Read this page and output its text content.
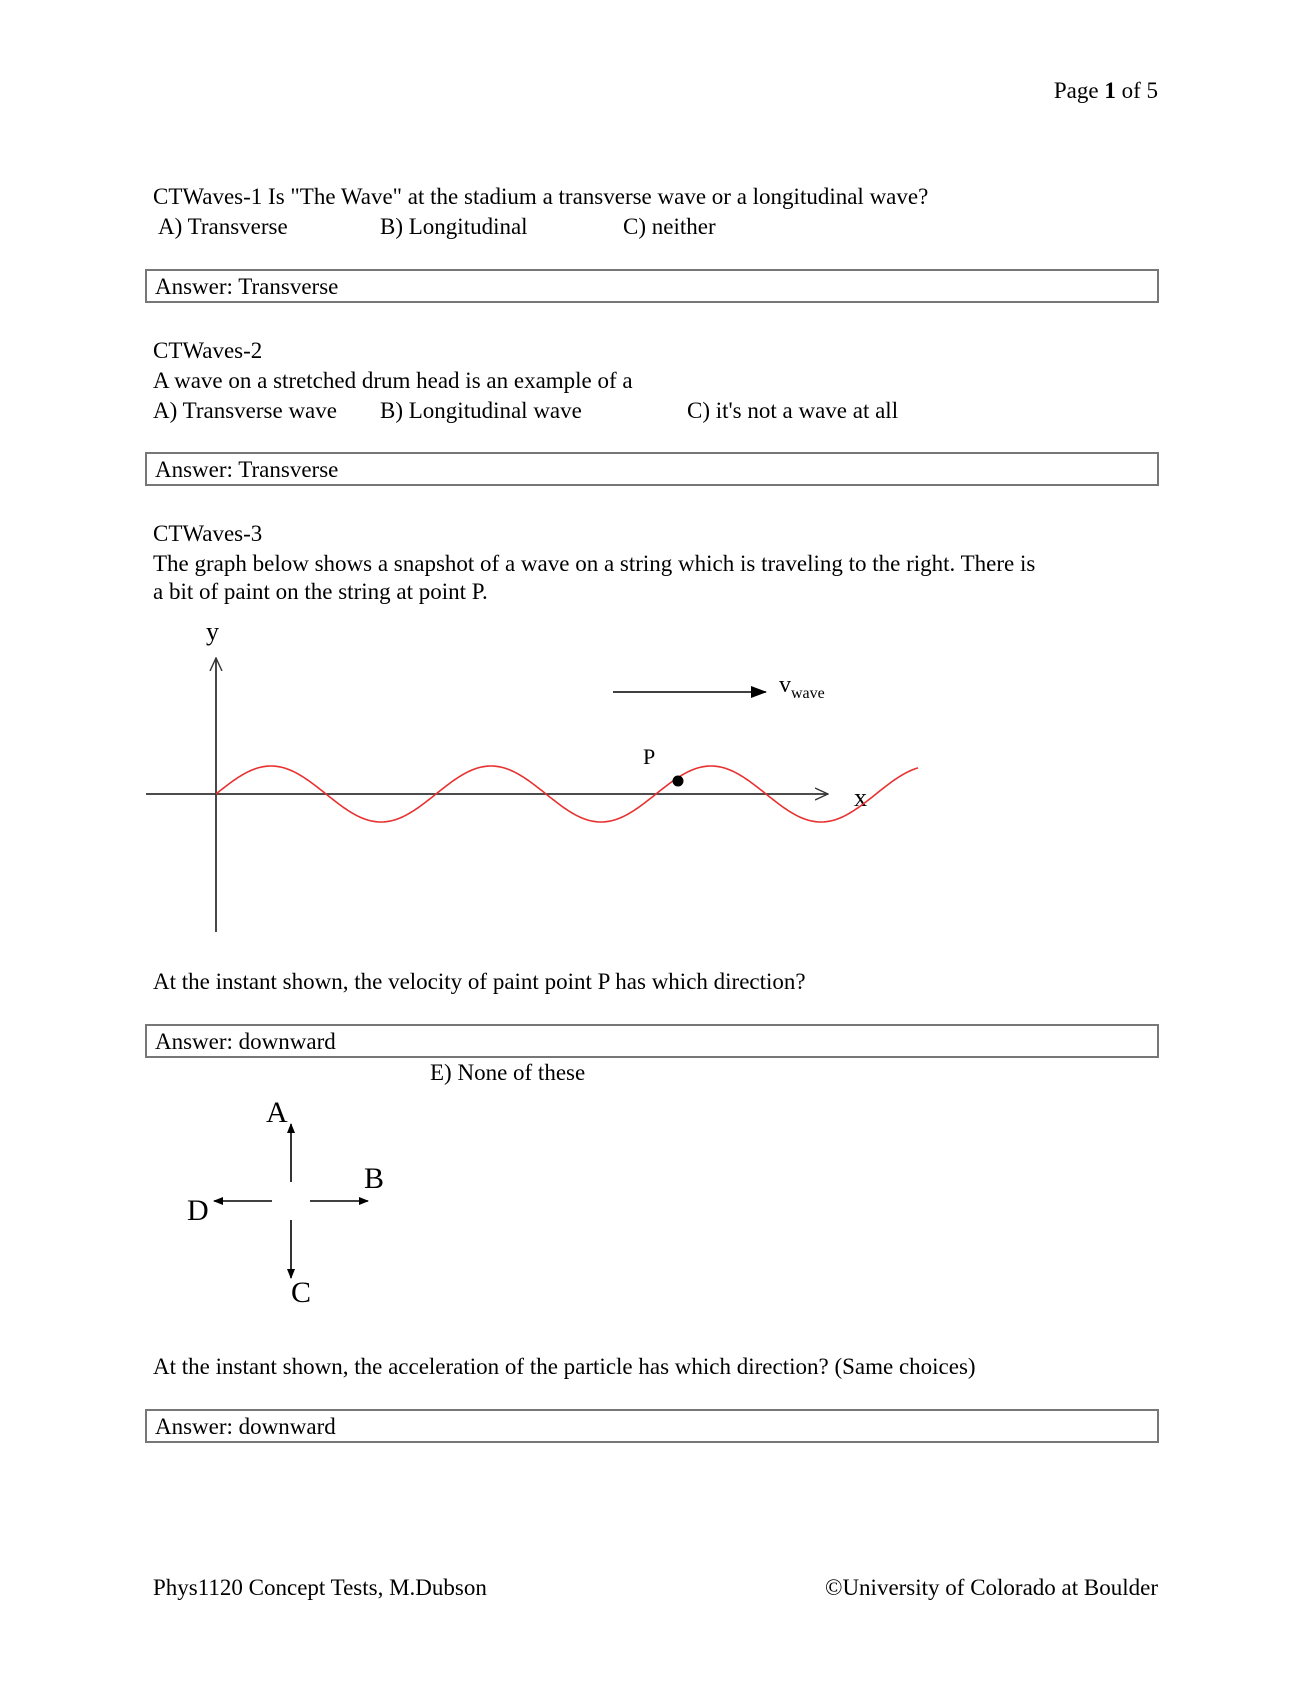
Page 1 of 5
CTWaves-1 Is "The Wave" at the stadium a transverse wave or a longitudinal wave?
A) Transverse	B) Longitudinal	C) neither
Answer: Transverse
CTWaves-2
A wave on a stretched drum head is an example of a
A) Transverse wave B) Longitudinal wave	C) it's not a wave at all
Answer: Transverse
CTWaves-3
The graph below shows a snapshot of a wave on a string which is traveling to the right. There is
a bit of paint on the string at point P.
y
x
P
$v_{wave}$
A
B
C
D
At the instant shown, the velocity of paint point P has which direction?
Answer: downward
E) None of these
At the instant shown, the acceleration of the particle has which direction? (Same choices)
Answer: downward
Phys1120 Concept Tests, M.Dubson	©University of Colorado at Boulder
